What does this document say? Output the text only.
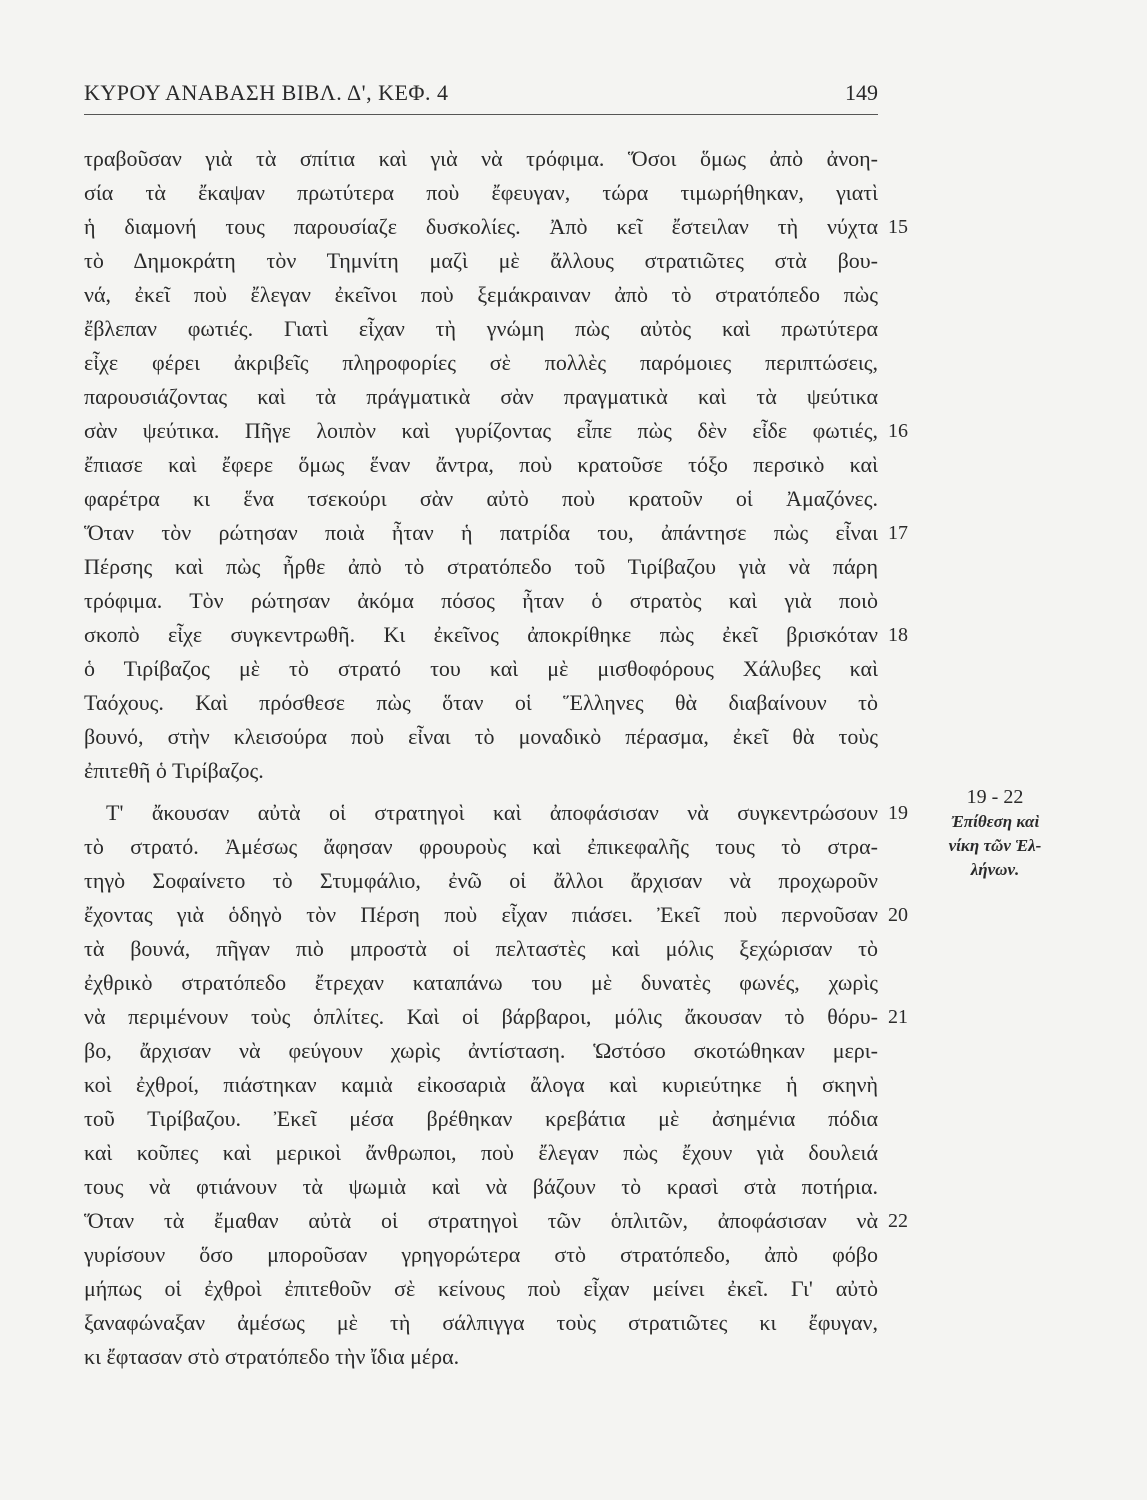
ΚΥΡΟΥ ΑΝΑΒΑΣΗ ΒΙΒΛ. Δ', ΚΕΦ. 4	149
τραβοῦσαν γιὰ τὰ σπίτια καὶ γιὰ νὰ τρόφιμα. Ὅσοι ὅμως ἀπὸ ἀνοη-
σία τὰ ἔκαψαν πρωτύτερα ποὺ ἔφευγαν, τώρα τιμωρήθηκαν, γιατὶ
ἡ διαμονή τους παρουσίαζε δυσκολίες. Ἀπὸ κεῖ ἔστειλαν τὴ νύχτα
τὸ Δημοκράτη τὸν Τημνίτη μαζὶ μὲ ἄλλους στρατιῶτες στὰ βου-
νά, ἐκεῖ ποὺ ἔλεγαν ἐκεῖνοι ποὺ ξεμάκραιναν ἀπὸ τὸ στρατόπεδο πὼς
ἔβλεπαν φωτιές. Γιατὶ εἶχαν τὴ γνώμη πὼς αὐτὸς καὶ πρωτύτερα
εἶχε φέρει ἀκριβεῖς πληροφορίες σὲ πολλὲς παρόμοιες περιπτώσεις,
παρουσιάζοντας καὶ τὰ πράγματικὰ σὰν πραγματικὰ καὶ τὰ ψεύτικα
σὰν ψεύτικα. Πῆγε λοιπὸν καὶ γυρίζοντας εἶπε πὼς δὲν εἶδε φωτιές,
ἔπιασε καὶ ἔφερε ὅμως ἕναν ἄντρα, ποὺ κρατοῦσε τόξο περσικὸ καὶ
φαρέτρα κι ἕνα τσεκούρι σὰν αὐτὸ ποὺ κρατοῦν οἱ Ἀμαζόνες.
Ὅταν τὸν ρώτησαν ποιὰ ἦταν ἡ πατρίδα του, ἀπάντησε πὼς εἶναι
Πέρσης καὶ πὼς ἦρθε ἀπὸ τὸ στρατόπεδο τοῦ Τιρίβαζου γιὰ νὰ πάρη
τρόφιμα. Τὸν ρώτησαν ἀκόμα πόσος ἦταν ὁ στρατὸς καὶ γιὰ ποιὸ
σκοπὸ εἶχε συγκεντρωθῆ. Κι ἐκεῖνος ἀποκρίθηκε πὼς ἐκεῖ βρισκόταν
ὁ Τιρίβαζος μὲ τὸ στρατό του καὶ μὲ μισθοφόρους Χάλυβες καὶ
Ταόχους. Καὶ πρόσθεσε πὼς ὅταν οἱ Ἕλληνες θὰ διαβαίνουν τὸ
βουνό, στὴν κλεισούρα ποὺ εἶναι τὸ μοναδικὸ πέρασμα, ἐκεῖ θὰ τοὺς
ἐπιτεθῆ ὁ Τιρίβαζος.
Τ' ἄκουσαν αὐτὰ οἱ στρατηγοὶ καὶ ἀποφάσισαν νὰ συγκεντρώσουν
τὸ στρατό. Ἀμέσως ἄφησαν φρουροὺς καὶ ἐπικεφαλῆς τους τὸ στρα-
τηγὸ Σοφαίνετο τὸ Στυμφάλιο, ἐνῶ οἱ ἄλλοι ἄρχισαν νὰ προχωροῦν
ἔχοντας γιὰ ὁδηγὸ τὸν Πέρση ποὺ εἶχαν πιάσει. Ἐκεῖ ποὺ περνοῦσαν
τὰ βουνά, πῆγαν πιὸ μπροστὰ οἱ πελταστὲς καὶ μόλις ξεχώρισαν τὸ
ἐχθρικὸ στρατόπεδο ἔτρεχαν καταπάνω του μὲ δυνατὲς φωνές, χωρὶς
νὰ περιμένουν τοὺς ὁπλίτες. Καὶ οἱ βάρβαροι, μόλις ἄκουσαν τὸ θόρυ-
βο, ἄρχισαν νὰ φεύγουν χωρὶς ἀντίσταση. Ὡστόσο σκοτώθηκαν μερι-
κοὶ ἐχθροί, πιάστηκαν καμιὰ εἰκοσαριὰ ἄλογα καὶ κυριεύτηκε ἡ σκηνὴ
τοῦ Τιρίβαζου. Ἐκεῖ μέσα βρέθηκαν κρεβάτια μὲ ἀσημένια πόδια
καὶ κοῦπες καὶ μερικοὶ ἄνθρωποι, ποὺ ἔλεγαν πὼς ἔχουν γιὰ δουλειά
τους νὰ φτιάνουν τὰ ψωμιὰ καὶ νὰ βάζουν τὸ κρασὶ στὰ ποτήρια.
Ὅταν τὰ ἔμαθαν αὐτὰ οἱ στρατηγοὶ τῶν ὁπλιτῶν, ἀποφάσισαν νὰ
γυρίσουν ὅσο μποροῦσαν γρηγορώτερα στὸ στρατόπεδο, ἀπὸ φόβο
μήπως οἱ ἐχθροὶ ἐπιτεθοῦν σὲ κείνους ποὺ εἶχαν μείνει ἐκεῖ. Γι' αὐτὸ
ξαναφώναξαν ἀμέσως μὲ τὴ σάλπιγγα τοὺς στρατιῶτες κι ἔφυγαν,
κι ἔφτασαν στὸ στρατόπεδο τὴν ἴδια μέρα.
15
16
17
18
19
20
21
22
19 - 22
Ἐπίθεση καὶ
νίκη τῶν Ἑλ-
λήνων.
